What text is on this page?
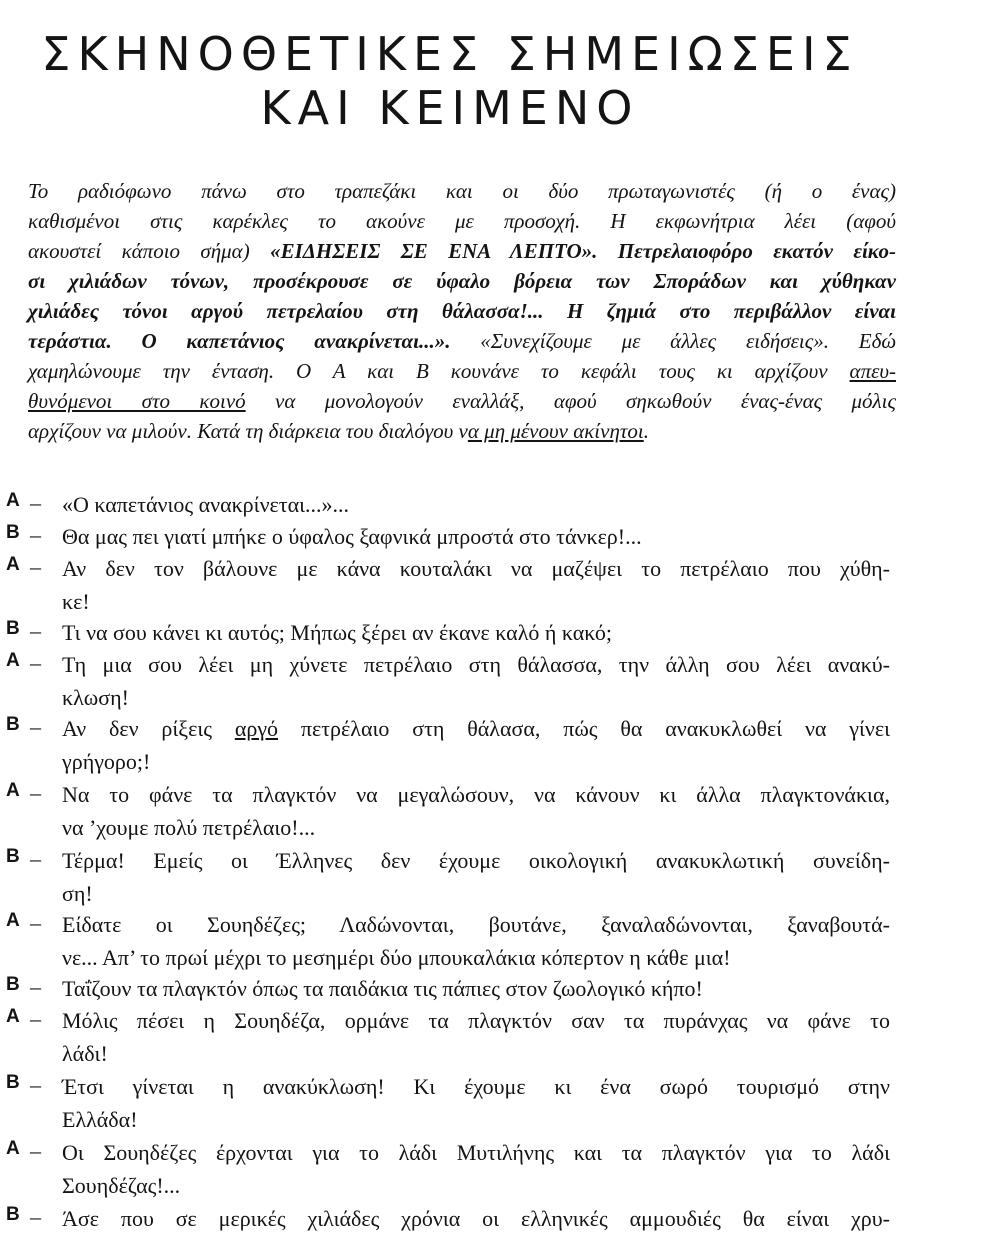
ΣΚΗΝΟΘΕΤΙΚΕΣ ΣΗΜΕΙΩΣΕΙΣ
ΚΑΙ ΚΕΙΜΕΝΟ
Το ραδιόφωνο πάνω στο τραπεζάκι και οι δύο πρωταγωνιστές (ή ο ένας)
καθισμένοι στις καρέκλες το ακούνε με προσοχή. Η εκφωνήτρια λέει (αφού
ακουστεί κάποιο σήμα) «ΕΙΔΗΣΕΙΣ ΣΕ ΕΝΑ ΛΕΠΤΟ». Πετρελαιοφόρο εκατόν είκο-
σι χιλιάδων τόνων, προσέκρουσε σε ύφαλο βόρεια των Σποράδων και χύθηκαν
χιλιάδες τόνοι αργού πετρελαίου στη θάλασσα!... Η ζημιά στο περιβάλλον είναι
τεράστια. Ο καπετάνιος ανακρίνεται...». «Συνεχίζουμε με άλλες ειδήσεις». Εδώ
χαμηλώνουμε την ένταση. Ο Α και Β κουνάνε το κεφάλι τους κι αρχίζουν απευ-
θυνόμενοι στο κοινό να μονολογούν εναλλάξ, αφού σηκωθούν ένας-ένας μόλις
αρχίζουν να μιλούν. Κατά τη διάρκεια του διαλόγου να μη μένουν ακίνητοι.
A – «Ο καπετάνιος ανακρίνεται...»...
B – Θα μας πει γιατί μπήκε ο ύφαλος ξαφνικά μπροστά στο τάνκερ!...
A – Αν δεν τον βάλουνε με κάνα κουταλάκι να μαζέψει το πετρέλαιο που χύθη-
κε!
B – Τι να σου κάνει κι αυτός; Μήπως ξέρει αν έκανε καλό ή κακό;
A – Τη μια σου λέει μη χύνετε πετρέλαιο στη θάλασσα, την άλλη σου λέει ανακύ-
κλωση!
B – Αν δεν ρίξεις αργό πετρέλαιο στη θάλασα, πώς θα ανακυκλωθεί να γίνει
γρήγορο;!
A – Να το φάνε τα πλαγκτόν να μεγαλώσουν, να κάνουν κι άλλα πλαγκτονάκια,
να ’χουμε πολύ πετρέλαιο!...
B – Τέρμα! Εμείς οι Έλληνες δεν έχουμε οικολογική ανακυκλωτική συνείδη-
ση!
A – Είδατε οι Σουηδέζες; Λαδώνονται, βουτάνε, ξαναλαδώνονται, ξαναβουτά-
νε... Απ’ το πρωί μέχρι το μεσημέρι δύο μπουκαλάκια κόπερτον η κάθε μια!
B – Ταΐζουν τα πλαγκτόν όπως τα παιδάκια τις πάπιες στον ζωολογικό κήπο!
A – Μόλις πέσει η Σουηδέζα, ορμάνε τα πλαγκτόν σαν τα πυράνχας να φάνε το
λάδι!
B – Έτσι γίνεται η ανακύκλωση! Κι έχουμε κι ένα σωρό τουρισμό στην
Ελλάδα!
A – Οι Σουηδέζες έρχονται για το λάδι Μυτιλήνης και τα πλαγκτόν για το λάδι
Σουηδέζας!...
B – Άσε που σε μερικές χιλιάδες χρόνια οι ελληνικές αμμουδιές θα είναι χρυ-
